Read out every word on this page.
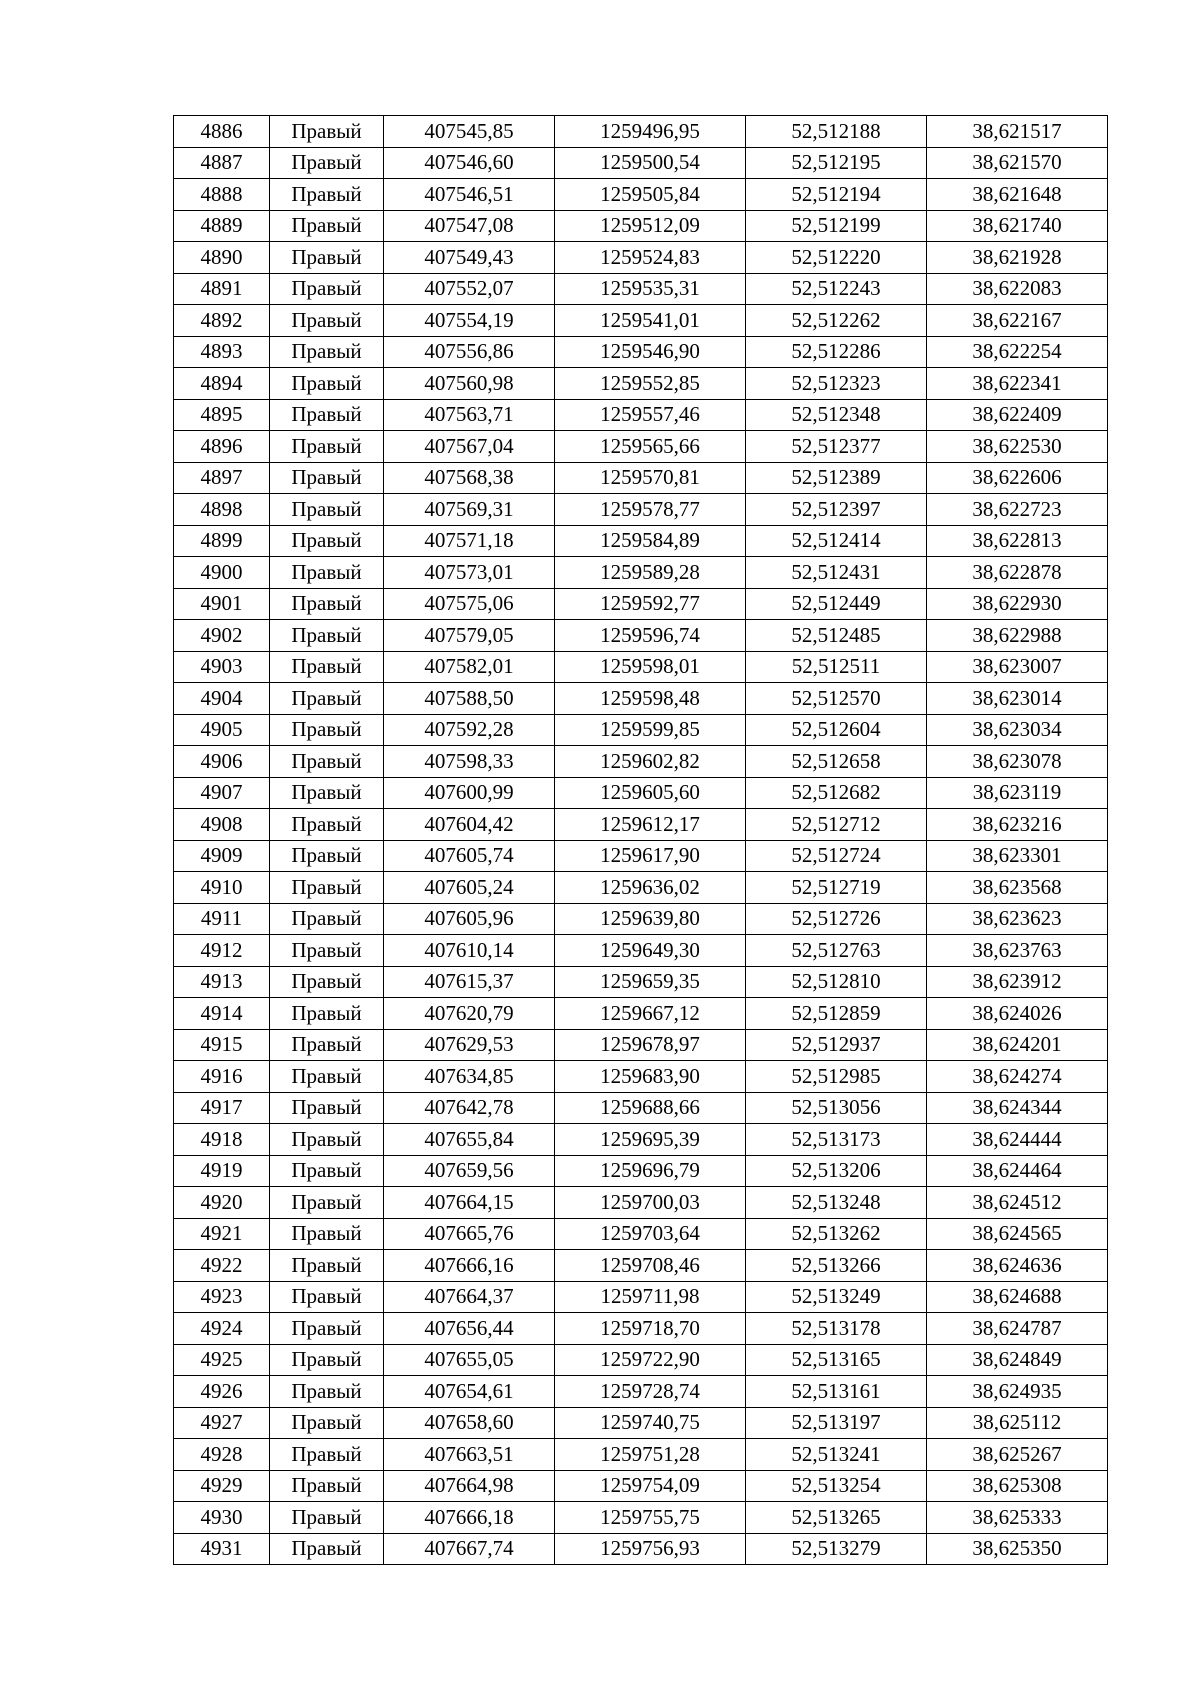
4886	Правый	407545,85	1259496,95	52,512188	38,621517
4887	Правый	407546,60	1259500,54	52,512195	38,621570
4888	Правый	407546,51	1259505,84	52,512194	38,621648
4889	Правый	407547,08	1259512,09	52,512199	38,621740
4890	Правый	407549,43	1259524,83	52,512220	38,621928
4891	Правый	407552,07	1259535,31	52,512243	38,622083
4892	Правый	407554,19	1259541,01	52,512262	38,622167
4893	Правый	407556,86	1259546,90	52,512286	38,622254
4894	Правый	407560,98	1259552,85	52,512323	38,622341
4895	Правый	407563,71	1259557,46	52,512348	38,622409
4896	Правый	407567,04	1259565,66	52,512377	38,622530
4897	Правый	407568,38	1259570,81	52,512389	38,622606
4898	Правый	407569,31	1259578,77	52,512397	38,622723
4899	Правый	407571,18	1259584,89	52,512414	38,622813
4900	Правый	407573,01	1259589,28	52,512431	38,622878
4901	Правый	407575,06	1259592,77	52,512449	38,622930
4902	Правый	407579,05	1259596,74	52,512485	38,622988
4903	Правый	407582,01	1259598,01	52,512511	38,623007
4904	Правый	407588,50	1259598,48	52,512570	38,623014
4905	Правый	407592,28	1259599,85	52,512604	38,623034
4906	Правый	407598,33	1259602,82	52,512658	38,623078
4907	Правый	407600,99	1259605,60	52,512682	38,623119
4908	Правый	407604,42	1259612,17	52,512712	38,623216
4909	Правый	407605,74	1259617,90	52,512724	38,623301
4910	Правый	407605,24	1259636,02	52,512719	38,623568
4911	Правый	407605,96	1259639,80	52,512726	38,623623
4912	Правый	407610,14	1259649,30	52,512763	38,623763
4913	Правый	407615,37	1259659,35	52,512810	38,623912
4914	Правый	407620,79	1259667,12	52,512859	38,624026
4915	Правый	407629,53	1259678,97	52,512937	38,624201
4916	Правый	407634,85	1259683,90	52,512985	38,624274
4917	Правый	407642,78	1259688,66	52,513056	38,624344
4918	Правый	407655,84	1259695,39	52,513173	38,624444
4919	Правый	407659,56	1259696,79	52,513206	38,624464
4920	Правый	407664,15	1259700,03	52,513248	38,624512
4921	Правый	407665,76	1259703,64	52,513262	38,624565
4922	Правый	407666,16	1259708,46	52,513266	38,624636
4923	Правый	407664,37	1259711,98	52,513249	38,624688
4924	Правый	407656,44	1259718,70	52,513178	38,624787
4925	Правый	407655,05	1259722,90	52,513165	38,624849
4926	Правый	407654,61	1259728,74	52,513161	38,624935
4927	Правый	407658,60	1259740,75	52,513197	38,625112
4928	Правый	407663,51	1259751,28	52,513241	38,625267
4929	Правый	407664,98	1259754,09	52,513254	38,625308
4930	Правый	407666,18	1259755,75	52,513265	38,625333
4931	Правый	407667,74	1259756,93	52,513279	38,625350
